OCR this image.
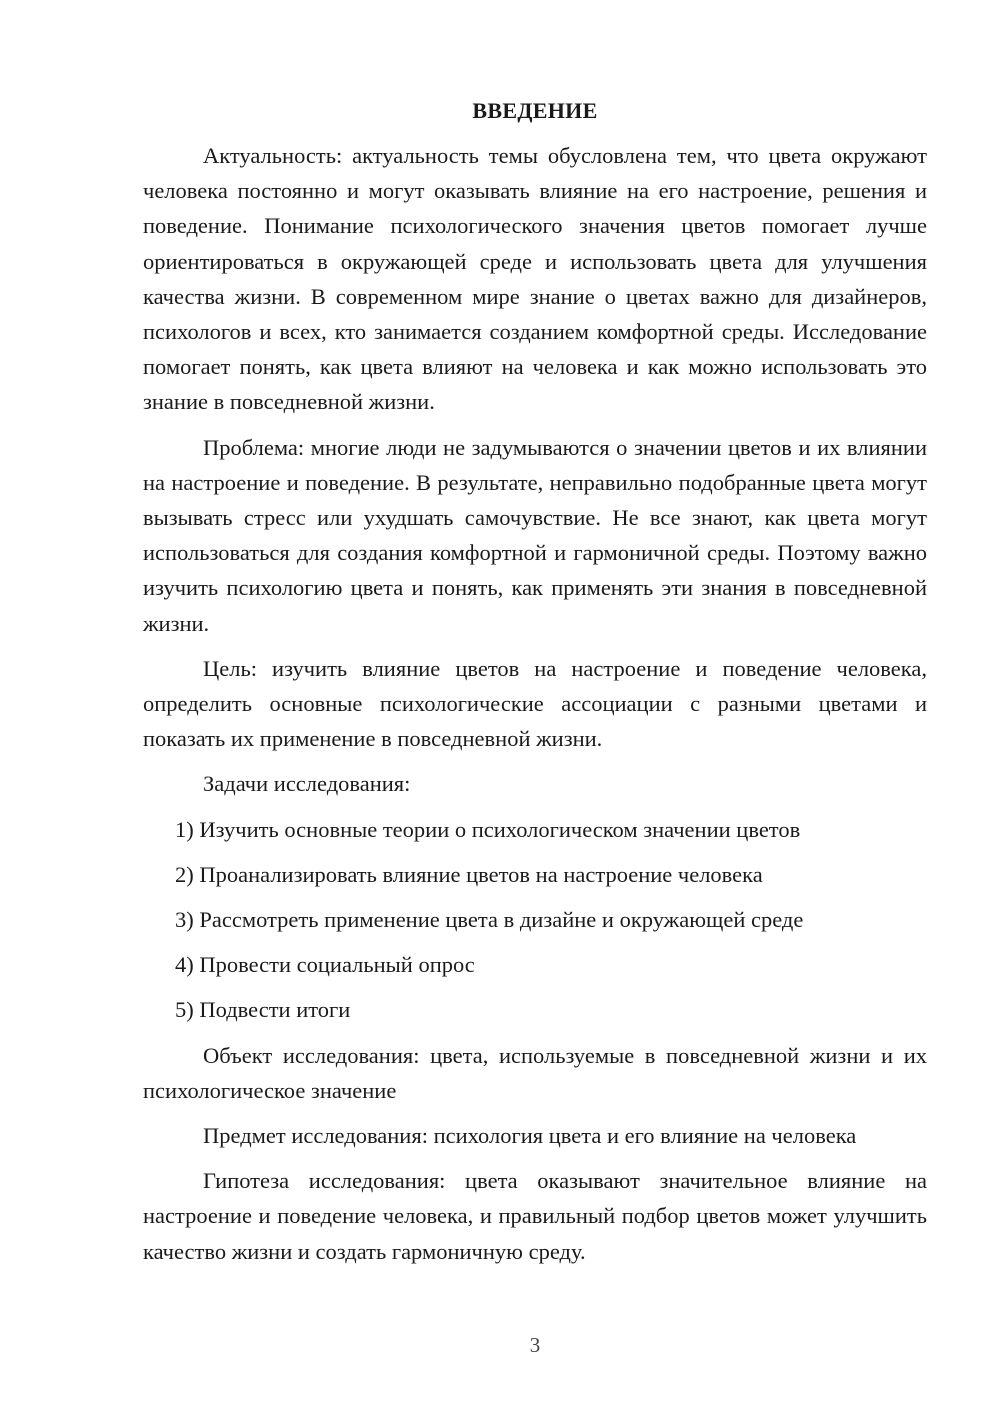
ВВЕДЕНИЕ

Актуальность: актуальность темы обусловлена тем, что цвета окружают человека постоянно и могут оказывать влияние на его настроение, решения и поведение. Понимание психологического значения цветов помогает лучше ориентироваться в окружающей среде и использовать цвета для улучшения качества жизни. В современном мире знание о цветах важно для дизайнеров, психологов и всех, кто занимается созданием комфортной среды. Исследование помогает понять, как цвета влияют на человека и как можно использовать это знание в повседневной жизни.

Проблема: многие люди не задумываются о значении цветов и их влиянии на настроение и поведение. В результате, неправильно подобранные цвета могут вызывать стресс или ухудшать самочувствие. Не все знают, как цвета могут использоваться для создания комфортной и гармоничной среды. Поэтому важно изучить психологию цвета и понять, как применять эти знания в повседневной жизни.

Цель: изучить влияние цветов на настроение и поведение человека, определить основные психологические ассоциации с разными цветами и показать их применение в повседневной жизни.

Задачи исследования:

1) Изучить основные теории о психологическом значении цветов

2) Проанализировать влияние цветов на настроение человека

3) Рассмотреть применение цвета в дизайне и окружающей среде

4) Провести социальный опрос

5) Подвести итоги

Объект исследования: цвета, используемые в повседневной жизни и их психологическое значение

Предмет исследования: психология цвета и его влияние на человека

Гипотеза исследования: цвета оказывают значительное влияние на настроение и поведение человека, и правильный подбор цветов может улучшить качество жизни и создать гармоничную среду.

3
